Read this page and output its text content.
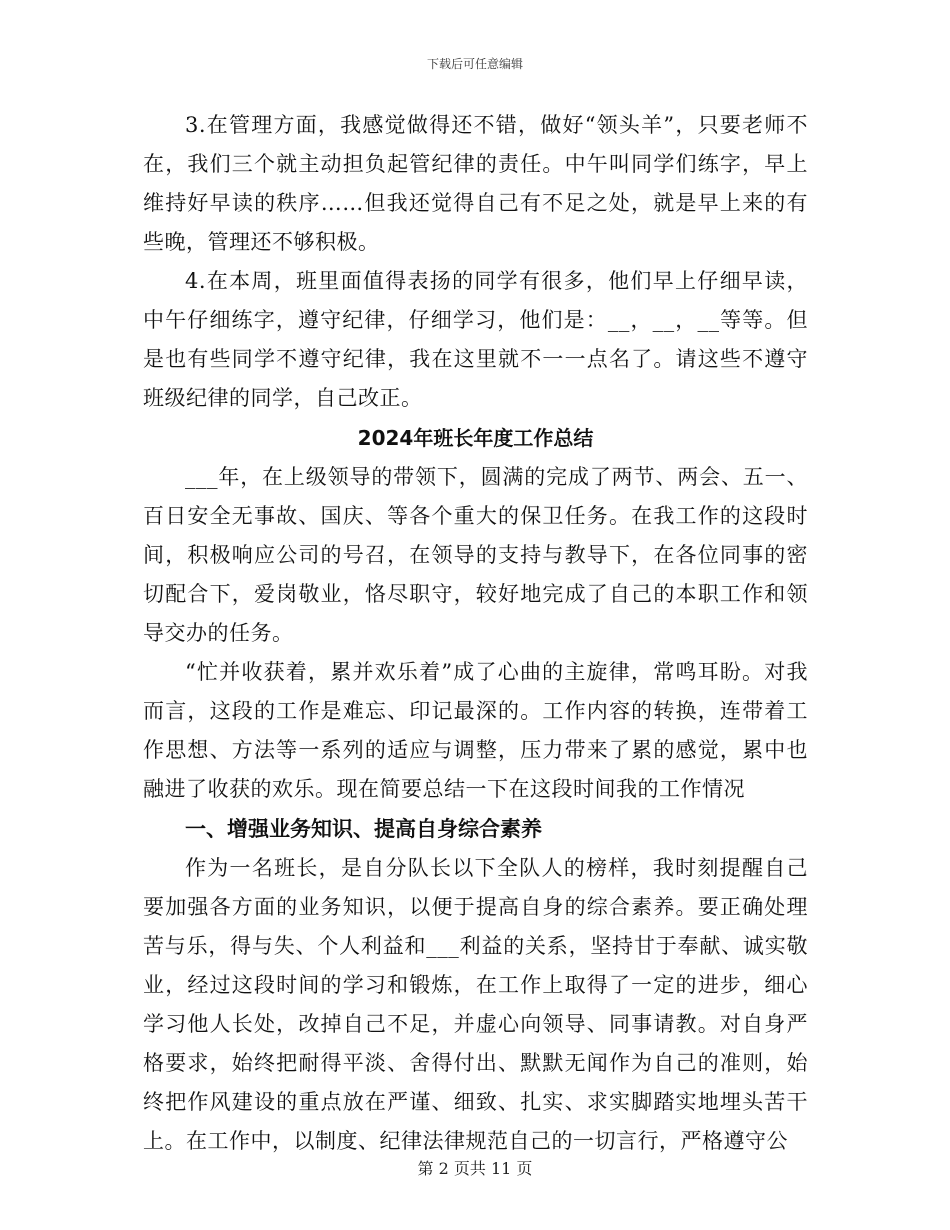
下载后可任意编辑

3.在管理方面，我感觉做得还不错，做好“领头羊”，只要老师不在，我们三个就主动担负起管纪律的责任。中午叫同学们练字，早上维持好早读的秩序……但我还觉得自己有不足之处，就是早上来的有些晚，管理还不够积极。

4.在本周，班里面值得表扬的同学有很多，他们早上仔细早读，中午仔细练字，遵守纪律，仔细学习，他们是：__，__，__等等。但是也有些同学不遵守纪律，我在这里就不一一点名了。请这些不遵守班级纪律的同学，自己改正。

2024年班长年度工作总结

___年，在上级领导的带领下，圆满的完成了两节、两会、五一、百日安全无事故、国庆、等各个重大的保卫任务。在我工作的这段时间，积极响应公司的号召，在领导的支持与教导下，在各位同事的密切配合下，爱岗敬业，恪尽职守，较好地完成了自己的本职工作和领导交办的任务。

“忙并收获着，累并欢乐着”成了心曲的主旋律，常鸣耳盼。对我而言，这段的工作是难忘、印记最深的。工作内容的转换，连带着工作思想、方法等一系列的适应与调整，压力带来了累的感觉，累中也融进了收获的欢乐。现在简要总结一下在这段时间我的工作情况

一、增强业务知识、提高自身综合素养

作为一名班长，是自分队长以下全队人的榜样，我时刻提醒自己要加强各方面的业务知识，以便于提高自身的综合素养。要正确处理苦与乐，得与失、个人利益和___利益的关系，坚持甘于奉献、诚实敬业，经过这段时间的学习和锻炼，在工作上取得了一定的进步，细心学习他人长处，改掉自己不足，并虚心向领导、同事请教。对自身严格要求，始终把耐得平淡、舍得付出、默默无闻作为自己的准则，始终把作风建设的重点放在严谨、细致、扎实、求实脚踏实地埋头苦干上。在工作中，以制度、纪律法律规范自己的一切言行，严格遵守公

第 2 页共 11 页
